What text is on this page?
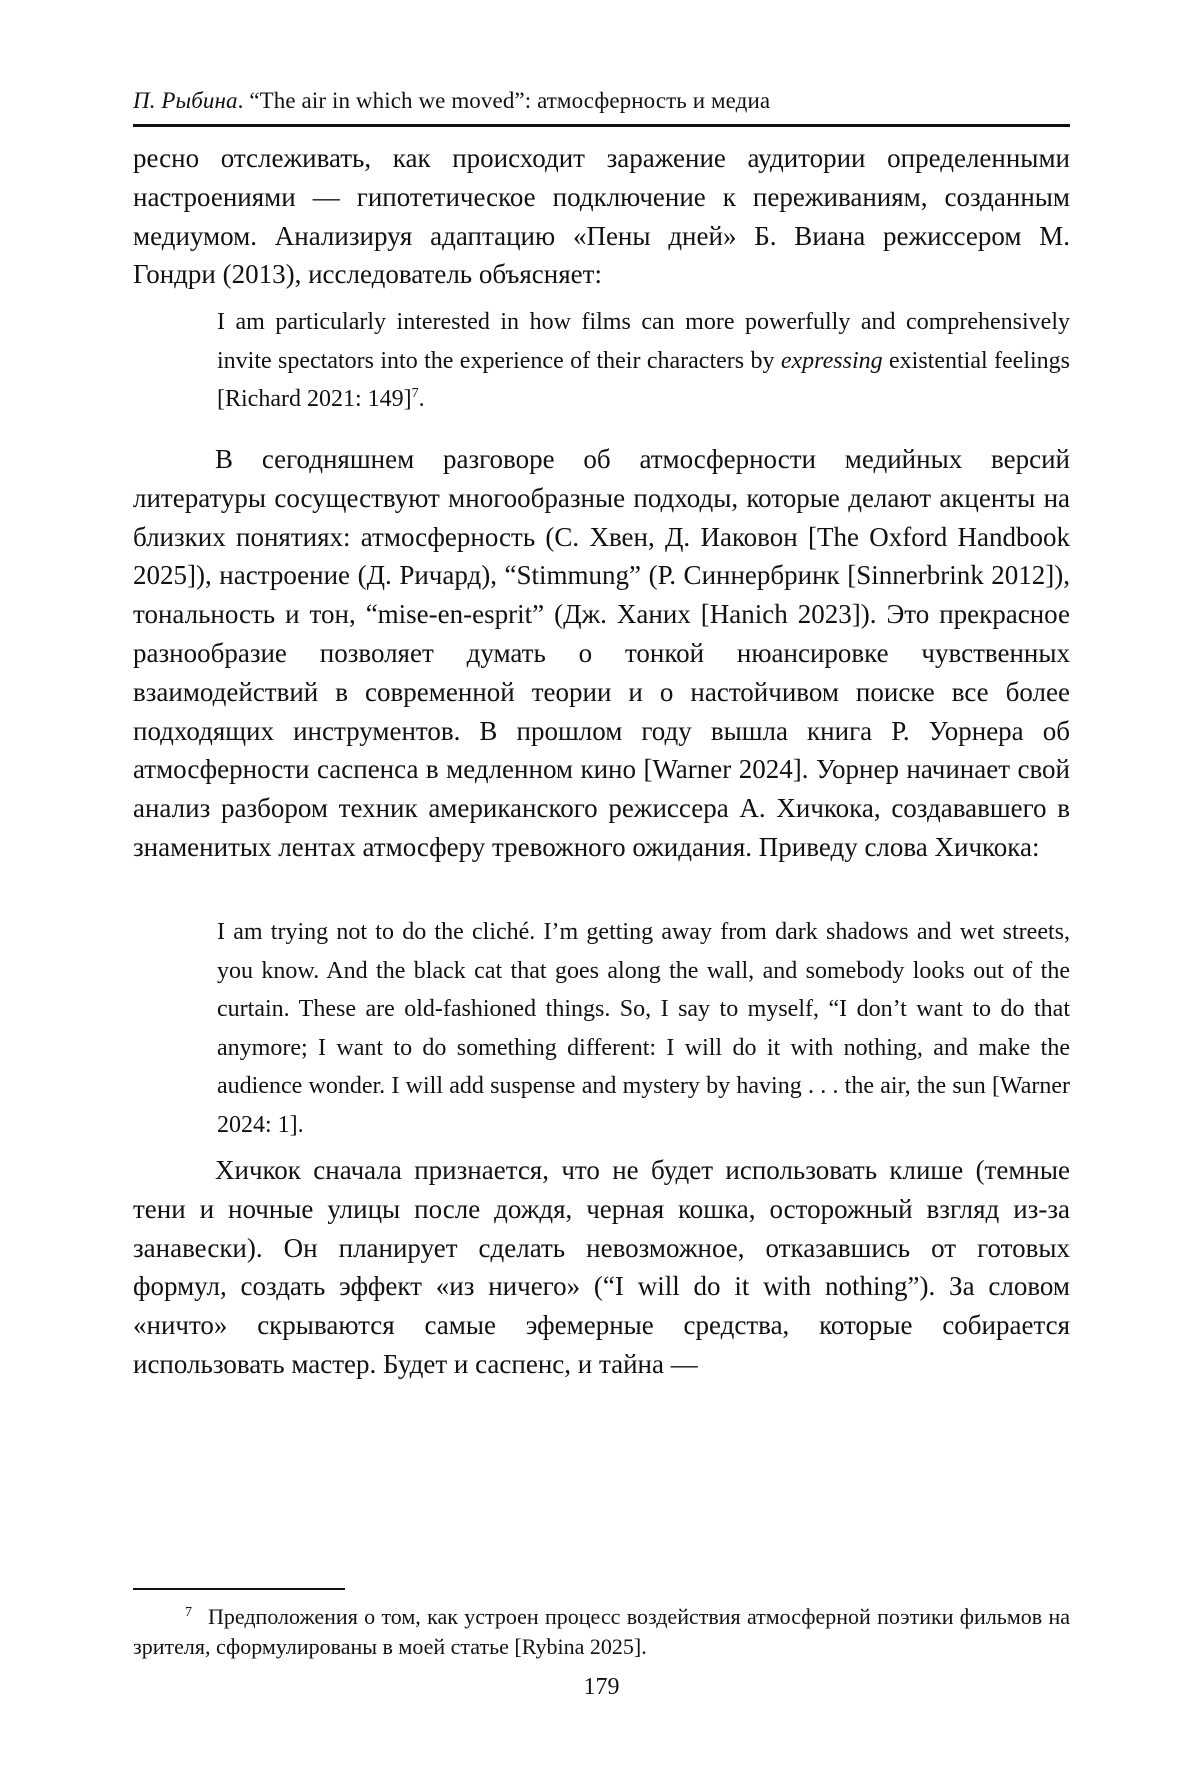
П. Рыбина. “The air in which we moved”: атмосферность и медиа

ресно отслеживать, как происходит заражение аудитории определенными настроениями — гипотетическое подключение к переживаниям, созданным медиумом. Анализируя адаптацию «Пены дней» Б. Виана режиссером М. Гондри (2013), исследователь объясняет:

I am particularly interested in how films can more powerfully and comprehensively invite spectators into the experience of their characters by expressing existential feelings [Richard 2021: 149]$^7$.

В сегодняшнем разговоре об атмосферности медийных версий литературы сосуществуют многообразные подходы, которые делают акценты на близких понятиях: атмосферность (С. Хвен, Д. Иаковон [The Oxford Handbook 2025]), настроение (Д. Ричард), “Stimmung” (Р. Синнербринк [Sinnerbrink 2012]), тональность и тон, “mise-en-esprit” (Дж. Ханих [Hanich 2023]). Это прекрасное разнообразие позволяет думать о тонкой нюансировке чувственных взаимодействий в современной теории и о настойчивом поиске все более подходящих инструментов. В прошлом году вышла книга Р. Уорнера об атмосферности саспенса в медленном кино [Warner 2024]. Уорнер начинает свой анализ разбором техник американского режиссера А. Хичкока, создававшего в знаменитых лентах атмосферу тревожного ожидания. Приведу слова Хичкока:

I am trying not to do the cliché. I’m getting away from dark shadows and wet streets, you know. And the black cat that goes along the wall, and somebody looks out of the curtain. These are old-fashioned things. So, I say to myself, “I don’t want to do that anymore; I want to do something different: I will do it with nothing, and make the audience wonder. I will add suspense and mystery by having . . . the air, the sun [Warner 2024: 1].

Хичкок сначала признается, что не будет использовать клише (темные тени и ночные улицы после дождя, черная кошка, осторожный взгляд из-за занавески). Он планирует сделать невозможное, отказавшись от готовых формул, создать эффект «из ничего» (“I will do it with nothing”). За словом «ничто» скрываются самые эфемерные средства, которые собирается использовать мастер. Будет и саспенс, и тайна —

$^7$ Предположения о том, как устроен процесс воздействия атмосферной поэтики фильмов на зрителя, сформулированы в моей статье [Rybina 2025].

179
